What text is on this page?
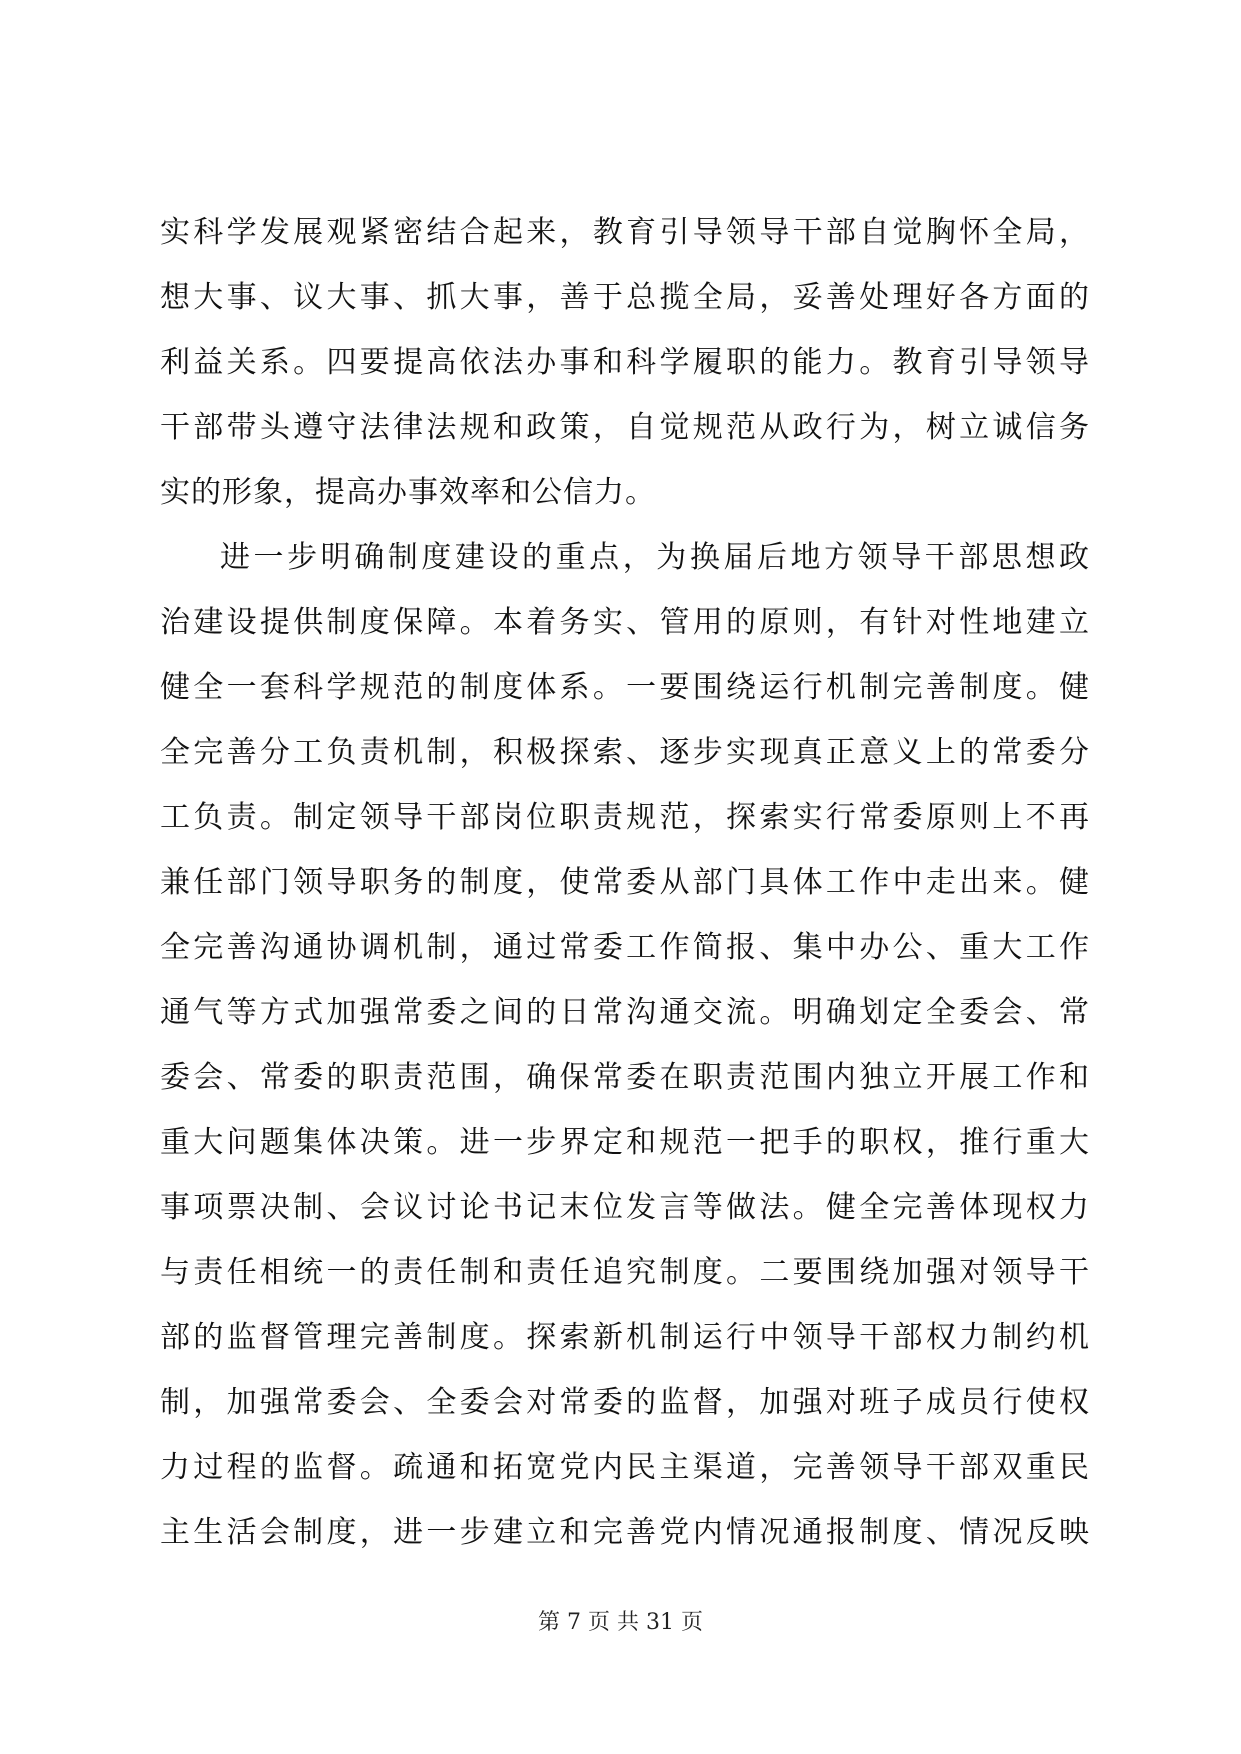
实科学发展观紧密结合起来，教育引导领导干部自觉胸怀全局，
想大事、议大事、抓大事，善于总揽全局，妥善处理好各方面的
利益关系。四要提高依法办事和科学履职的能力。教育引导领导
干部带头遵守法律法规和政策，自觉规范从政行为，树立诚信务
实的形象，提高办事效率和公信力。
进一步明确制度建设的重点，为换届后地方领导干部思想政
治建设提供制度保障。本着务实、管用的原则，有针对性地建立
健全一套科学规范的制度体系。一要围绕运行机制完善制度。健
全完善分工负责机制，积极探索、逐步实现真正意义上的常委分
工负责。制定领导干部岗位职责规范，探索实行常委原则上不再
兼任部门领导职务的制度，使常委从部门具体工作中走出来。健
全完善沟通协调机制，通过常委工作简报、集中办公、重大工作
通气等方式加强常委之间的日常沟通交流。明确划定全委会、常
委会、常委的职责范围，确保常委在职责范围内独立开展工作和
重大问题集体决策。进一步界定和规范一把手的职权，推行重大
事项票决制、会议讨论书记末位发言等做法。健全完善体现权力
与责任相统一的责任制和责任追究制度。二要围绕加强对领导干
部的监督管理完善制度。探索新机制运行中领导干部权力制约机
制，加强常委会、全委会对常委的监督，加强对班子成员行使权
力过程的监督。疏通和拓宽党内民主渠道，完善领导干部双重民
主生活会制度，进一步建立和完善党内情况通报制度、情况反映
第 7 页 共 31 页
